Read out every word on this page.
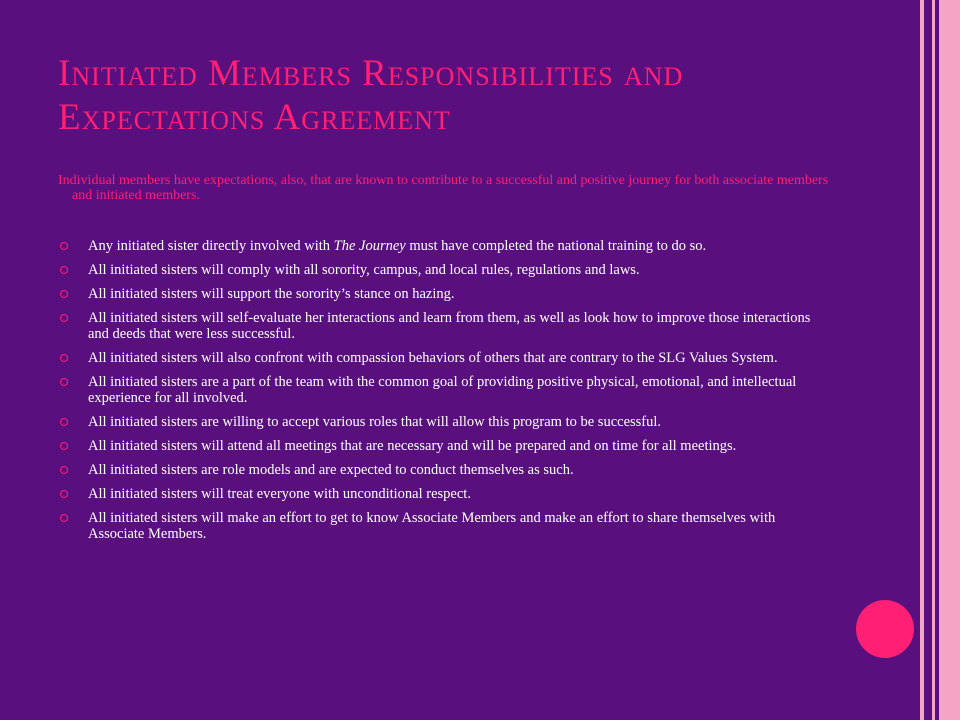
Initiated Members Responsibilities and Expectations Agreement

Individual members have expectations, also, that are known to contribute to a successful and positive journey for both associate members and initiated members.

Any initiated sister directly involved with The Journey must have completed the national training to do so.
All initiated sisters will comply with all sorority, campus, and local rules, regulations and laws.
All initiated sisters will support the sorority’s stance on hazing.
All initiated sisters will self-evaluate her interactions and learn from them, as well as look how to improve those interactions and deeds that were less successful.
All initiated sisters will also confront with compassion behaviors of others that are contrary to the SLG Values System.
All initiated sisters are a part of the team with the common goal of providing positive physical, emotional, and intellectual experience for all involved.
All initiated sisters are willing to accept various roles that will allow this program to be successful.
All initiated sisters will attend all meetings that are necessary and will be prepared and on time for all meetings.
All initiated sisters are role models and are expected to conduct themselves as such.
All initiated sisters will treat everyone with unconditional respect.
All initiated sisters will make an effort to get to know Associate Members and make an effort to share themselves with Associate Members.
